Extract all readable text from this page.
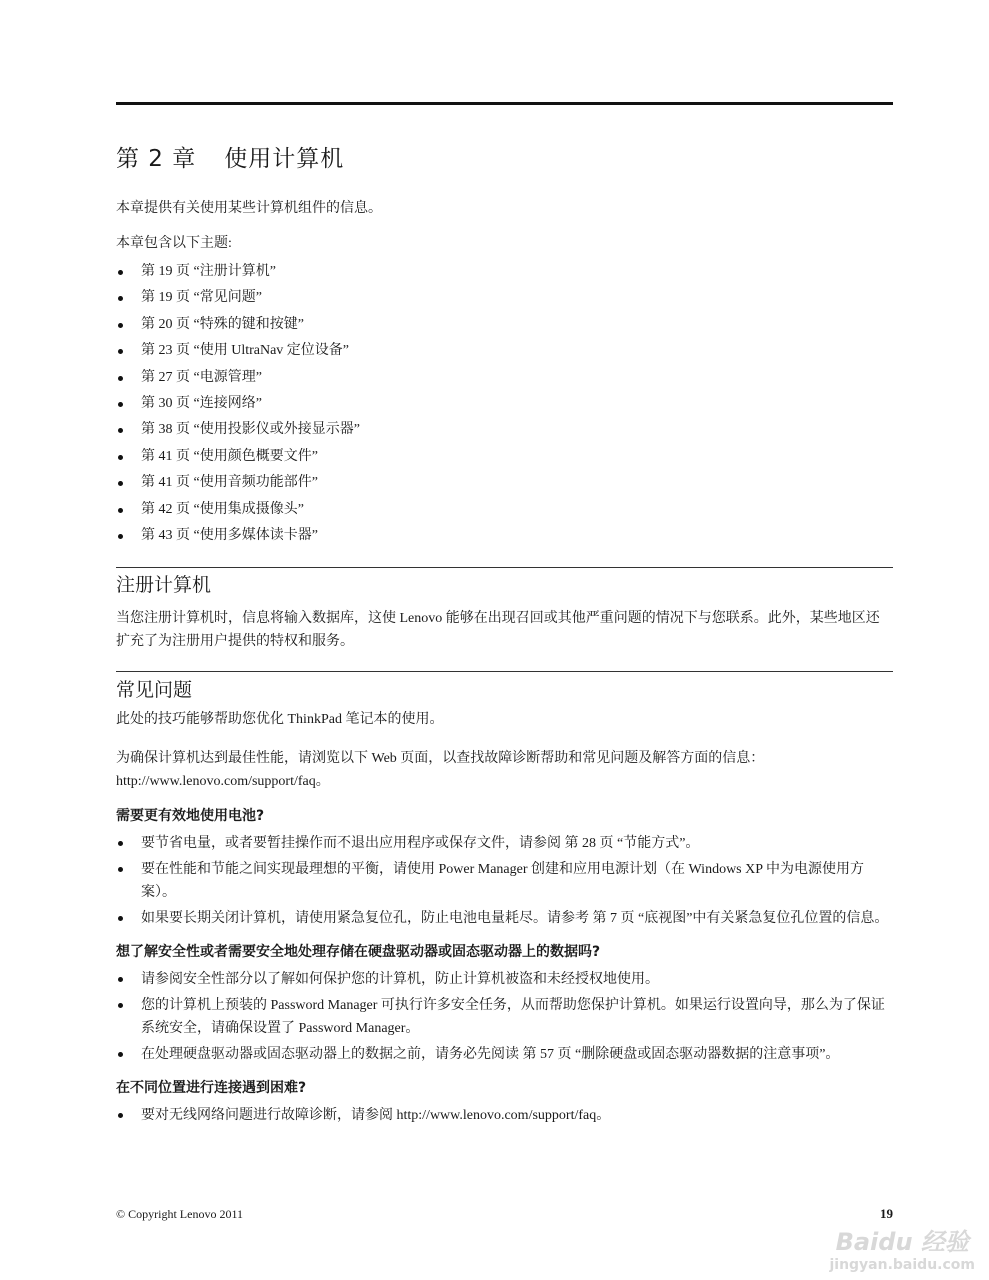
第 2 章 使用计算机

本章提供有关使用某些计算机组件的信息。

本章包含以下主题:

第 19 页 “注册计算机”
第 19 页 “常见问题”
第 20 页 “特殊的键和按键”
第 23 页 “使用 UltraNav 定位设备”
第 27 页 “电源管理”
第 30 页 “连接网络”
第 38 页 “使用投影仪或外接显示器”
第 41 页 “使用颜色概要文件”
第 41 页 “使用音频功能部件”
第 42 页 “使用集成摄像头”
第 43 页 “使用多媒体读卡器”
注册计算机

当您注册计算机时，信息将输入数据库，这使 Lenovo 能够在出现召回或其他严重问题的情况下与您联系。此外，某些地区还扩充了为注册用户提供的特权和服务。

常见问题

此处的技巧能够帮助您优化 ThinkPad 笔记本的使用。

为确保计算机达到最佳性能，请浏览以下 Web 页面，以查找故障诊断帮助和常见问题及解答方面的信息：http://www.lenovo.com/support/faq。

需要更有效地使用电池?
要节省电量，或者要暂挂操作而不退出应用程序或保存文件，请参阅 第 28 页 “节能方式”。
要在性能和节能之间实现最理想的平衡，请使用 Power Manager 创建和应用电源计划（在 Windows XP 中为电源使用方案）。
如果要长期关闭计算机，请使用紧急复位孔，防止电池电量耗尽。请参考 第 7 页 “底视图”中有关紧急复位孔位置的信息。
想了解安全性或者需要安全地处理存储在硬盘驱动器或固态驱动器上的数据吗?
请参阅安全性部分以了解如何保护您的计算机，防止计算机被盗和未经授权地使用。
您的计算机上预装的 Password Manager 可执行许多安全任务，从而帮助您保护计算机。如果运行设置向导，那么为了保证系统安全，请确保设置了 Password Manager。
在处理硬盘驱动器或固态驱动器上的数据之前，请务必先阅读 第 57 页 “删除硬盘或固态驱动器数据的注意事项”。
在不同位置进行连接遇到困难?
要对无线网络问题进行故障诊断，请参阅 http://www.lenovo.com/support/faq。
© Copyright Lenovo 2011	19
Baidu 经验
jingyan.baidu.com
